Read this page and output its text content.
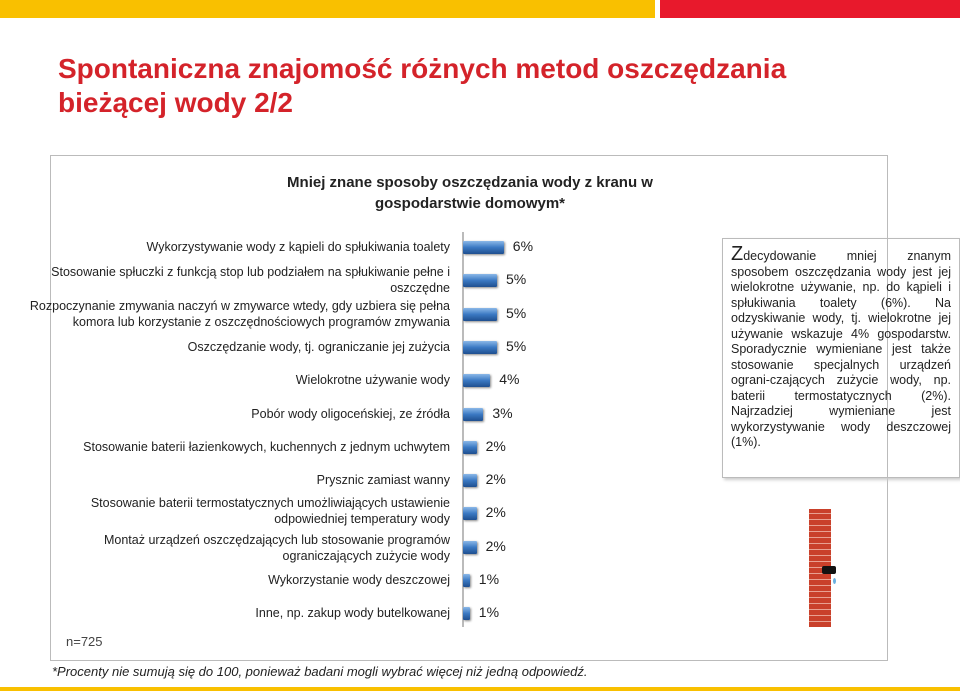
Spontaniczna znajomość różnych metod oszczędzania bieżącej wody 2/2
Mniej znane sposoby oszczędzania wody z kranu w gospodarstwie domowym*
Wykorzystywanie wody z kąpieli do spłukiwania toalety	6%
Stosowanie spłuczki z funkcją stop lub podziałem na spłukiwanie pełne i
oszczędne
5%
Rozpoczynanie zmywania naczyń w zmywarce wtedy, gdy uzbiera się pełna
komora lub korzystanie z oszczędnościowych programów zmywania
5%
Oszczędzanie wody, tj. ograniczanie jej zużycia	5%
Wielokrotne używanie wody	4%
Pobór wody oligoceńskiej, ze źródła	3%
Stosowanie baterii łazienkowych, kuchennych z jednym uchwytem	2%
Prysznic zamiast wanny	2%
Stosowanie baterii termostatycznych umożliwiających ustawienie
odpowiedniej temperatury wody	2%
Montaż urządzeń oszczędzających lub stosowanie programów
ograniczających zużycie wody
2%
Wykorzystanie wody deszczowej 1%
Inne, np. zakup wody butelkowanej 1%
Zdecydowanie mniej znanym sposobem oszczędzania wody jest jej wielokrotne używanie, np. do kąpieli i spłukiwania toalety (6%). Na odzyskiwanie wody, tj. wielokrotne jej używanie wskazuje 4% gospodarstw. Sporadycznie wymieniane jest także stosowanie specjalnych urządzeń ograni-czających zużycie wody, np. baterii termostatycznych (2%). Najrzadziej wymieniane jest wykorzystywanie wody deszczowej (1%).
n=725
*Procenty nie sumują się do 100, ponieważ badani mogli wybrać więcej niż jedną odpowiedź.
